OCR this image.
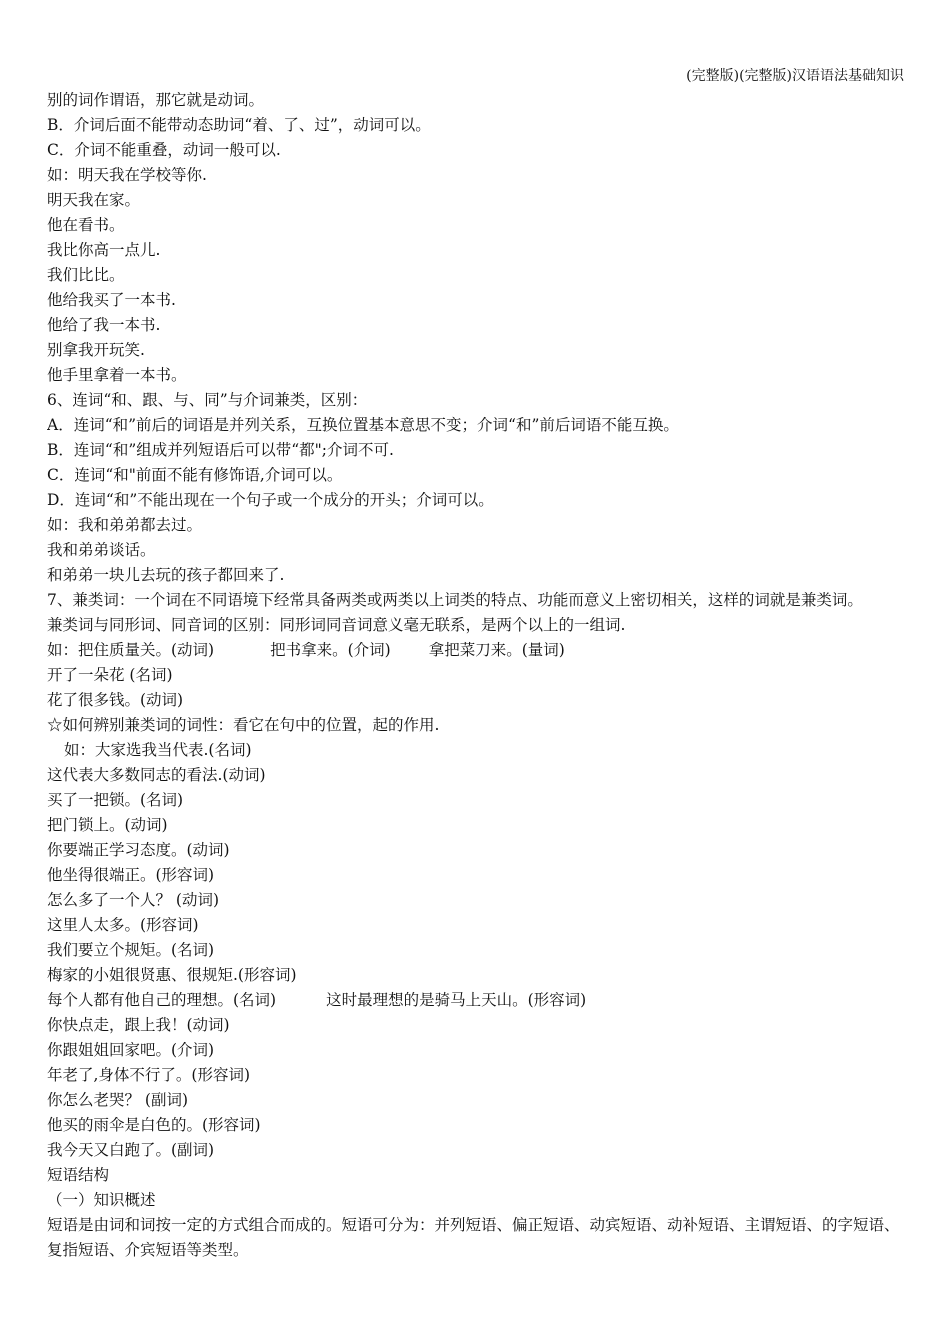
(完整版)(完整版)汉语语法基础知识
别的词作谓语，那它就是动词。
B．介词后面不能带动态助词“着、了、过”，动词可以。
C．介词不能重叠，动词一般可以.
如：明天我在学校等你.
明天我在家。
他在看书。
我比你高一点儿.
我们比比。
他给我买了一本书.
他给了我一本书.
别拿我开玩笑.
他手里拿着一本书。
6、连词“和、跟、与、同”与介词兼类，区别：
A．连词“和”前后的词语是并列关系，互换位置基本意思不变；介词“和”前后词语不能互换。
B．连词“和”组成并列短语后可以带“都";介词不可.
C．连词“和"前面不能有修饰语,介词可以。
D．连词“和”不能出现在一个句子或一个成分的开头；介词可以。
如：我和弟弟都去过。
我和弟弟谈话。
和弟弟一块儿去玩的孩子都回来了.
7、兼类词：一个词在不同语境下经常具备两类或两类以上词类的特点、功能而意义上密切相关，这样的词就是兼类词。
兼类词与同形词、同音词的区别：同形词同音词意义毫无联系，是两个以上的一组词.
如：把住质量关。(动词)	把书拿来。(介词) 拿把菜刀来。(量词)
开了一朵花 (名词)
花了很多钱。(动词)
☆如何辨别兼类词的词性：看它在句中的位置，起的作用.
如：大家选我当代表.(名词)
这代表大多数同志的看法.(动词)
买了一把锁。(名词)
把门锁上。(动词)
你要端正学习态度。(动词)
他坐得很端正。(形容词)
怎么多了一个人？ (动词)
这里人太多。(形容词)
我们要立个规矩。(名词)
梅家的小姐很贤惠、很规矩.(形容词)
每个人都有他自己的理想。(名词)	这时最理想的是骑马上天山。(形容词)
你快点走，跟上我！(动词)
你跟姐姐回家吧。(介词)
年老了,身体不行了。(形容词)
你怎么老哭？ (副词)
他买的雨伞是白色的。(形容词)
我今天又白跑了。(副词)
短语结构
（一）知识概述
短语是由词和词按一定的方式组合而成的。短语可分为：并列短语、偏正短语、动宾短语、动补短语、主谓短语、的字短语、复指短语、介宾短语等类型。
